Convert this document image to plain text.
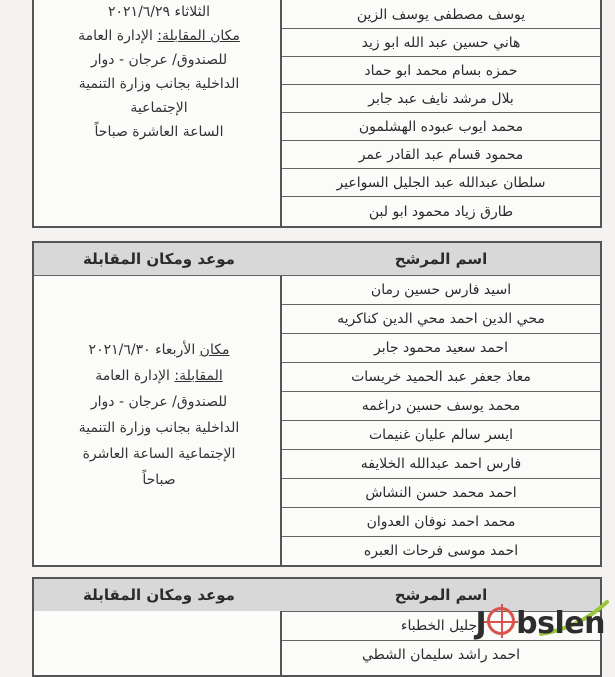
يوسف مصطفى يوسف الزين
هاني حسين عبد الله ابو زيد
حمزه بسام محمد ابو حماد
بلال مرشد نايف عبد جابر
محمد ايوب عبوده الهشلمون
محمود قسام عبد القادر عمر
سلطان عبدالله عبد الجليل السواعير
طارق زياد محمود ابو لبن
الثلاثاء ٢٠٢١/٦/٢٩
مكان المقابلة: الإدارة العامة
للصندوق/ عرجان - دوار
الداخلية بجانب وزارة التنمية
الإجتماعية
الساعة العاشرة صباحاً
اسم المرشح
اسيد فارس حسين رمان
محي الدين احمد محي الدين كناكريه
احمد سعيد محمود جابر
معاذ جعفر عبد الحميد خريسات
محمد يوسف حسين دراغمه
ايسر سالم عليان غنيمات
فارس احمد عبدالله الخلايفه
احمد محمد حسن النشاش
محمد احمد نوفان العدوان
احمد موسى فرحات العبره
موعد ومكان المقابلة
مكان الأربعاء ٢٠٢١/٦/٣٠
المقابلة: الإدارة العامة
للصندوق/ عرجان - دوار
الداخلية بجانب وزارة التنمية
الإجتماعية الساعة العاشرة
صباحاً
اسم المرشح
اجليل الخطباء
احمد راشد سليمان الشطي
موعد ومكان المقابلة
J bslen
